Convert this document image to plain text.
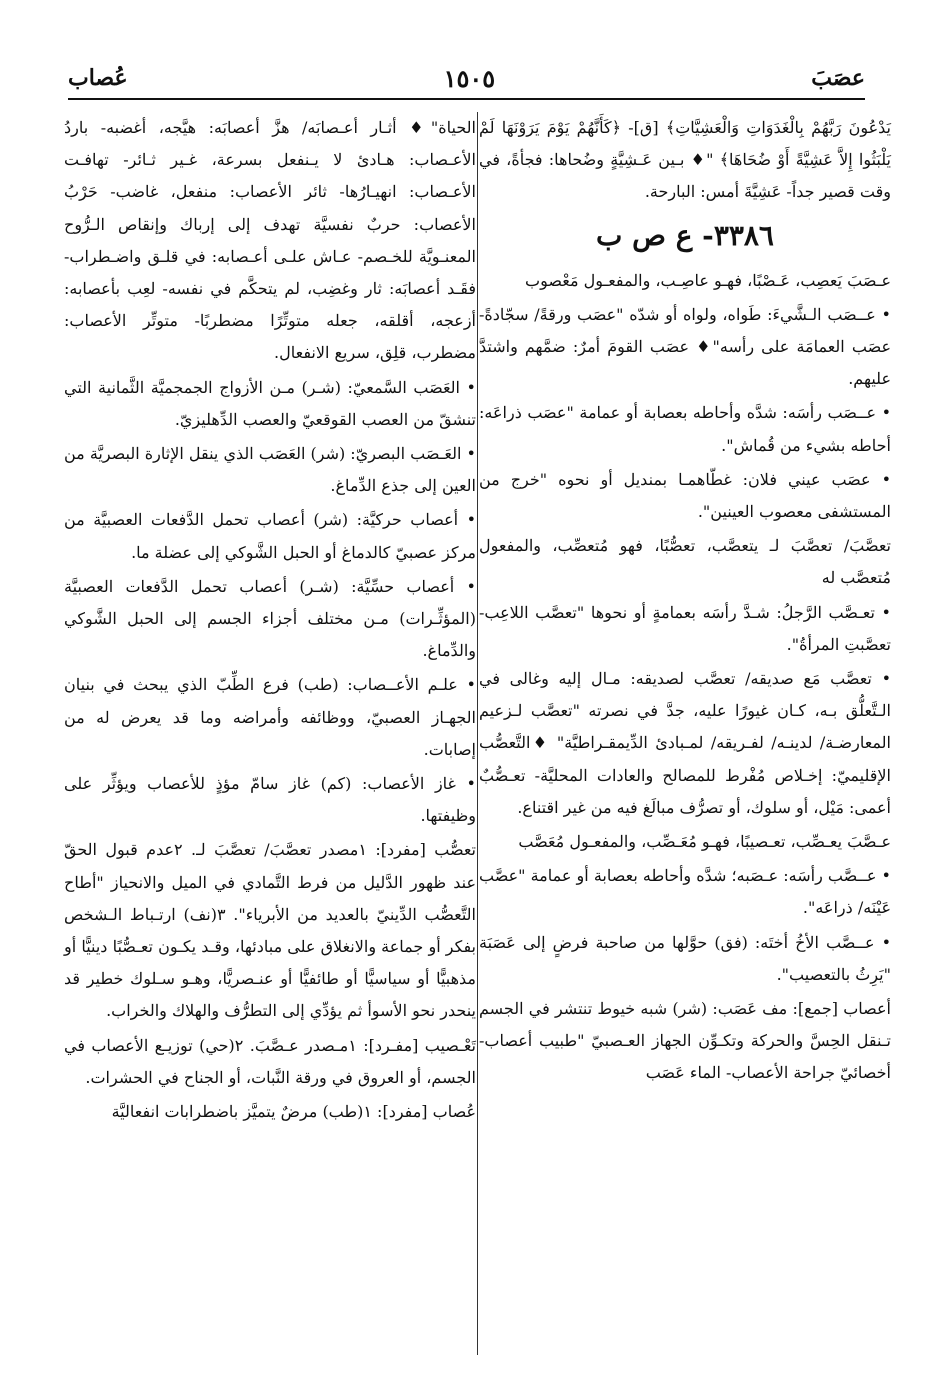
عصَبَ
١٥٠٥
عُصاب

يَدْعُونَ رَبَّهُمْ بِالْغَدَوَاتِ وَالْعَشِيَّاتِ﴾ [ق]- ﴿كَأَنَّهُمْ يَوْمَ يَرَوْنَهَا لَمْ يَلْبَثُوا إِلاَّ عَشِيَّةً أَوْ ضُحَاهَا﴾ "♦ بـين عَـشِيَّةٍ وضُحاها: فجأةً، في وقت قصير جداً- عَشِيَّةَ أمس: البارحة.

٣٣٨٦- ع ص ب

عـصَبَ يَعصِب، عَـصْبًا، فهـو عاصِـب، والمفعـول مَعْصوب

• عــصَب الـشَّيءَ: طَواه، ولواه أو شدّه "عصَب ورقةً/ سجّادةً- عصَب العمامَة على رأسه"♦ عصَب القومَ أمرٌ: ضمَّهم واشتدَّ عليهم.

• عــصَب رأسَه: شدَّه وأحاطه بعصابة أو عمامة "عصَب ذراعَه: أحاطه بشيء من قُماش".

• عصَب عيني فلان: غطّاهمـا بمنديل أو نحوه "خرج من المستشفى معصوب العينين".

تعصَّبَ/ تعصَّبَ لـ يتعصَّب، تعصُّبًا، فهو مُتعصِّب، والمفعول مُتعصَّب له

• تعـصَّب الرَّجلُ: شـدَّ رأسَه بعمامةٍ أو نحوها "تعصَّب اللاعِب- تعصَّبتِ المرأةُ".

• تعصَّب مَع صديقه/ تعصَّب لصديقه: مـال إليه وغالى في الـتَّعلُّق بـه، كـان غيورًا عليه، جدَّ في نصرته "تعصَّب لـزعيم المعارضـة/ لدينـه/ لفـريقه/ لمـبادئ الدِّيمقـراطيَّة" ♦التَّعصُّب الإقليميّ: إخـلاص مُفْرط للمصالح والعادات المحليَّة- تعـصُّبٌ أعمى: مَيْل، أو سلوك، أو تصرُّف مبالَغ فيه من غير اقتناع.

عـصَّبَ يعـصِّب، تعـصيبًا، فهـو مُعَـصِّب، والمفعـول مُعَصَّب

• عــصَّب رأسَه: عـصَبه؛ شدَّه وأحاطه بعصابة أو عمامة "عصَّب عَيْنَه/ ذراعَه".

• عــصَّب الأخُ أختَه: (فق) حوَّلها من صاحبة فرضٍ إلى عَصَبَة "يَرِثُ بالتعصيب".

أعصاب [جمع]: مف عَصَب: (شر) شبه خيوط تنتشر في الجسم تـنقل الحِسَّ والحركة وتكـوِّن الجهاز العـصبيّ "طبيب أعصاب- أخصائيّ جراحة الأعصاب- الماء عَصَب

الحياة"♦ أثـار أعـصابَه/ هزَّ أعصابَه: هيَّجه، أغضبه- باردُ الأعـصاب: هـادئ لا يـنفعل بسرعة، غـير ثـائر- تهافـت الأعـصاب: انهيـارُها- ثائر الأعصاب: منفعل، غاضب- حَرْبُ الأعصاب: حربٌ نفسيَّة تهدف إلى إرباك وإنقاص الـرُّوح المعنـويَّة للخـصم- عـاش علـى أعـصابه: في قلـق واضـطراب- فقَـد أعصابَه: ثار وغضِب، لم يتحكَّم في نفسه- لعِب بأعصابه: أزعجه، أقلقه، جعله متوتِّرًا مضطربًا- متوتِّر الأعصاب: مضطرب، قلِق، سريع الانفعال.

• العَصَب السَّمعيّ: (شـر) مـن الأزواج الجمجميَّة الثَّمانية التي تنشقّ من العصب القوقعيّ والعصب الدِّهليزيّ.

• العَـصَب البصريّ: (شر) العَصَب الذي ينقل الإثارة البصريَّة من العين إلى جذع الدِّماغ.

• أعصاب حركيَّة: (شر) أعصاب تحمل الدَّفعات العصبيَّة من مركز عصبيّ كالدماغ أو الحبل الشَّوكي إلى عضلة ما.

• أعصاب حسِّيَّة: (شـر) أعصاب تحمل الدَّفعات العصبيَّة (المؤثِّـرات) مـن مختلف أجزاء الجسم إلى الحبل الشَّوكي والدِّماغ.

• علـم الأعــصاب: (طب) فرع الطِّبّ الذي يبحث في بنيان الجهـاز العصبيّ، ووظائفه وأمراضه وما قد يعرض له من إصابات.

• غاز الأعصاب: (كم) غاز سامّ مؤذٍ للأعصاب ويؤثِّر على وظيفتها.

تعصُّب [مفرد]: ١مصدر تعصَّبَ/ تعصَّبَ لـ. ٢عدم قبول الحقّ عند ظهور الدَّليل من فرط التَّمادي في الميل والانحياز "أطاح التَّعصُّب الدِّينيّ بالعديد من الأبرياء". ٣(نف) ارتـباط الـشخص بفكر أو جماعة والانغلاق على مبادئها، وقـد يكـون تعـصُّبًا دينيًّا أو مذهبيًّا أو سياسيًّا أو طائفيًّا أو عنـصريًّا، وهـو سـلوك خطير قد ينحدر نحو الأسوأ ثم يؤدِّي إلى التطرُّف والهلاك والخراب.

تَعْـصيب [مفـرد]: ١مـصدر عـصَّبَ. ٢(حي) توزيـع الأعصاب في الجسم، أو العروق في ورقة النَّبات، أو الجناح في الحشرات.

عُصاب [مفرد]: ١(طب) مرضٌ يتميَّز باضطرابات انفعاليَّة
